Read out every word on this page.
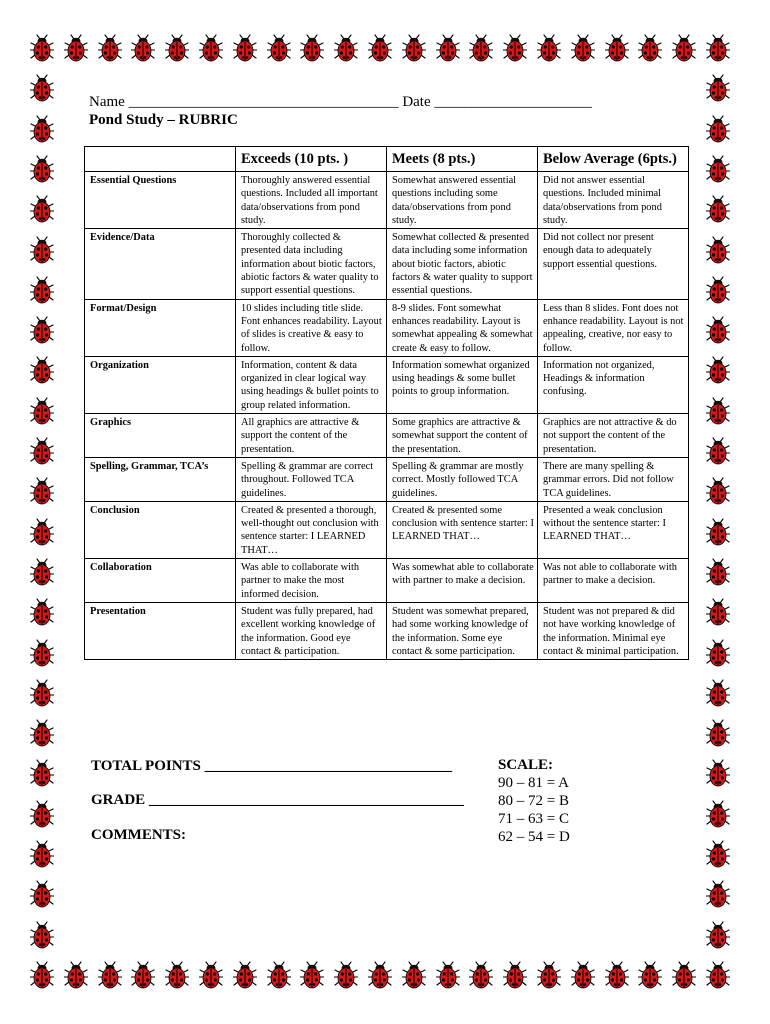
Name ____________________________________ Date _____________________
Pond Study – RUBRIC
	Exceeds (10 pts. )	Meets (8 pts.)	Below Average (6pts.)
Essential Questions	Thoroughly answered essential questions. Included all important data/observations from pond study.	Somewhat answered essential questions including some data/observations from pond study.	Did not answer essential questions. Included minimal data/observations from pond study.
Evidence/Data	Thoroughly collected & presented data including information about biotic factors, abiotic factors & water quality to support essential questions.	Somewhat collected & presented data including some information about biotic factors, abiotic factors & water quality to support essential questions.	Did not collect nor present enough data to adequately support essential questions.
Format/Design	10 slides including title slide. Font enhances readability. Layout of slides is creative & easy to follow.	8-9 slides. Font somewhat enhances readability. Layout is somewhat appealing & somewhat create & easy to follow.	Less than 8 slides. Font does not enhance readability. Layout is not appealing, creative, nor easy to follow.
Organization	Information, content & data organized in clear logical way using headings & bullet points to group related information.	Information somewhat organized using headings & some bullet points to group information.	Information not organized, Headings & information confusing.
Graphics	All graphics are attractive & support the content of the presentation.	Some graphics are attractive & somewhat support the content of the presentation.	Graphics are not attractive & do not support the content of the presentation.
Spelling, Grammar, TCA’s	Spelling & grammar are correct throughout. Followed TCA guidelines.	Spelling & grammar are mostly correct. Mostly followed TCA guidelines.	There are many spelling & grammar errors. Did not follow TCA guidelines.
Conclusion	Created & presented a thorough, well-thought out conclusion with sentence starter: I LEARNED THAT…	Created & presented some conclusion with sentence starter: I LEARNED THAT…	Presented a weak conclusion without the sentence starter: I LEARNED THAT…
Collaboration	Was able to collaborate with partner to make the most informed decision.	Was somewhat able to collaborate with partner to make a decision.	Was not able to collaborate with partner to make a decision.
Presentation	Student was fully prepared, had excellent working knowledge of the information. Good eye contact & participation.	Student was somewhat prepared, had some working knowledge of the information. Some eye contact & some participation.	Student was not prepared & did not have working knowledge of the information. Minimal eye contact & minimal participation.
TOTAL POINTS _________________________________
GRADE __________________________________________
COMMENTS:
SCALE:
90 – 81 = A
80 – 72 = B
71 – 63 = C
62 – 54 = D
